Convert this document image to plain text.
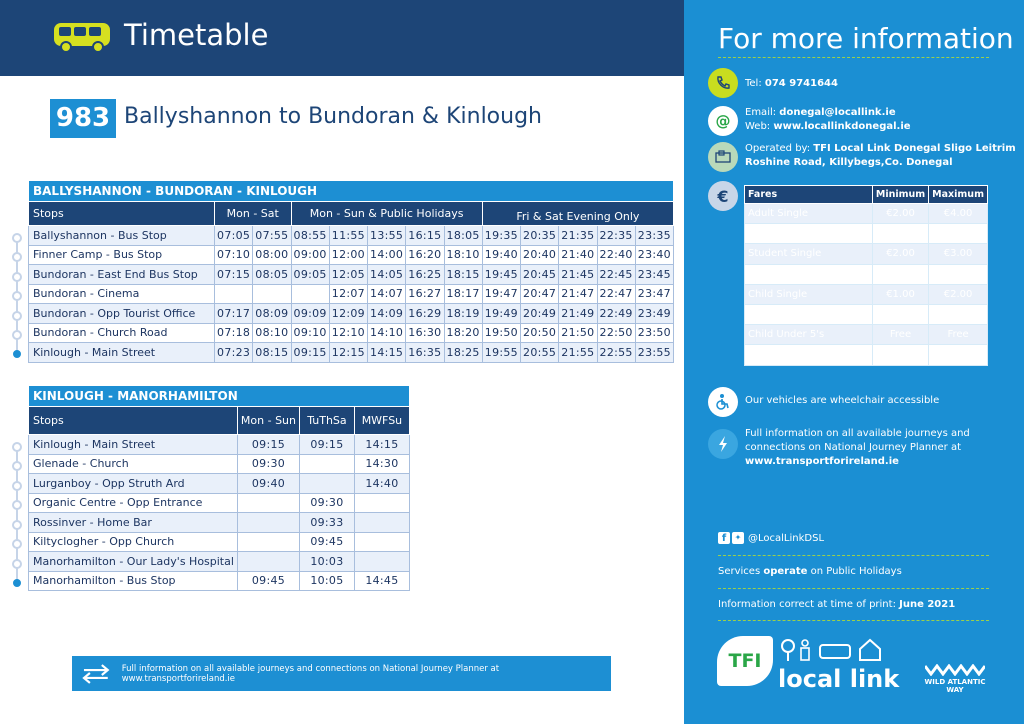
Timetable
983 Ballyshannon to Bundoran & Kinlough
BALLYSHANNON - BUNDORAN - KINLOUGH												
Stops	Mon - Sat		Mon - Sun & Public Holidays					Fri & Sat Evening Only				
Ballyshannon - Bus Stop	07:05	07:55	08:55	11:55	13:55	16:15	18:05	19:35	20:35	21:35	22:35	23:35
Finner Camp - Bus Stop	07:10	08:00	09:00	12:00	14:00	16:20	18:10	19:40	20:40	21:40	22:40	23:40
Bundoran - East End Bus Stop	07:15	08:05	09:05	12:05	14:05	16:25	18:15	19:45	20:45	21:45	22:45	23:45
Bundoran - Cinema				12:07	14:07	16:27	18:17	19:47	20:47	21:47	22:47	23:47
Bundoran - Opp Tourist Office	07:17	08:09	09:09	12:09	14:09	16:29	18:19	19:49	20:49	21:49	22:49	23:49
Bundoran - Church Road	07:18	08:10	09:10	12:10	14:10	16:30	18:20	19:50	20:50	21:50	22:50	23:50
Kinlough - Main Street	07:23	08:15	09:15	12:15	14:15	16:35	18:25	19:55	20:55	21:55	22:55	23:55
KINLOUGH - MANORHAMILTON			
Stops	Mon - Sun	TuThSa	MWFSu
Kinlough - Main Street	09:15	09:15	14:15
Glenade - Church	09:30		14:30
Lurganboy - Opp Struth Ard	09:40		14:40
Organic Centre - Opp Entrance		09:30	
Rossinver - Home Bar		09:33	
Kiltyclogher - Opp Church		09:45	
Manorhamilton - Our Lady's Hospital		10:03	
Manorhamilton - Bus Stop	09:45	10:05	14:45
Full information on all available journeys and connections on National Journey Planner at www.transportforireland.ie
For more information
Tel: 074 9741644
@ Email: donegal@locallink.ie
Web: www.locallinkdonegal.ie
Operated by: TFI Local Link Donegal Sligo Leitrim
Roshine Road, Killybegs,Co. Donegal
€ Fares	Minimum	Maximum
Adult Single	€2.00	€4.00
Adult Return	€3.00	€6.00
Student Single	€2.00	€3.00
Student Return	€3.00	€5.00
Child Single	€1.00	€2.00
Child Return	€2.00	€3.00
Child Under 5's	Free	Free
Free Travel Pass Holders	Free	Free
Our vehicles are wheelchair accessible
Full information on all available journeys and
connections on National Journey Planner at
www.transportforireland.ie
f	✦ @LocalLinkDSL
Services operate on Public Holidays
Information correct at time of print: June 2021
TFI
local link	WILD ATLANTIC WAY
